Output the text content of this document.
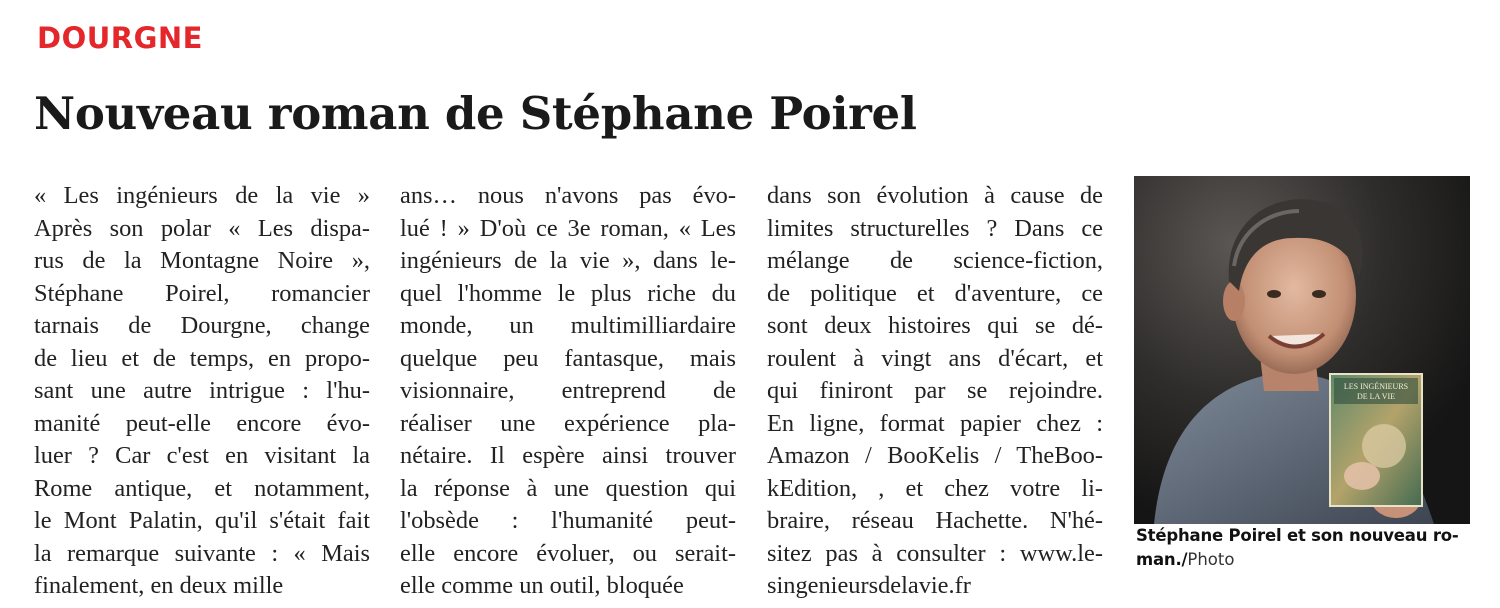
DOURGNE
Nouveau roman de Stéphane Poirel
« Les ingénieurs de la vie »
Après son polar « Les dispa-
rus de la Montagne Noire »,
Stéphane Poirel, romancier
tarnais de Dourgne, change
de lieu et de temps, en propo-
sant une autre intrigue : l'hu-
manité peut-elle encore évo-
luer ? Car c'est en visitant la
Rome antique, et notamment,
le Mont Palatin, qu'il s'était fait
la remarque suivante : « Mais
finalement, en deux mille
ans… nous n'avons pas évo-
lué ! » D'où ce 3e roman, « Les
ingénieurs de la vie », dans le-
quel l'homme le plus riche du
monde, un multimilliardaire
quelque peu fantasque, mais
visionnaire, entreprend de
réaliser une expérience pla-
nétaire. Il espère ainsi trouver
la réponse à une question qui
l'obsède : l'humanité peut-
elle encore évoluer, ou serait-
elle comme un outil, bloquée
dans son évolution à cause de
limites structurelles ? Dans ce
mélange de science-fiction,
de politique et d'aventure, ce
sont deux histoires qui se dé-
roulent à vingt ans d'écart, et
qui finiront par se rejoindre.
En ligne, format papier chez :
Amazon / BooKelis / TheBoo-
kEdition, , et chez votre li-
braire, réseau Hachette. N'hé-
sitez pas à consulter : www.le-
singenieursdelavie.fr
LES INGÉNIEURS
DE LA VIE
Stéphane Poirel et son nouveau ro-
man./Photo
